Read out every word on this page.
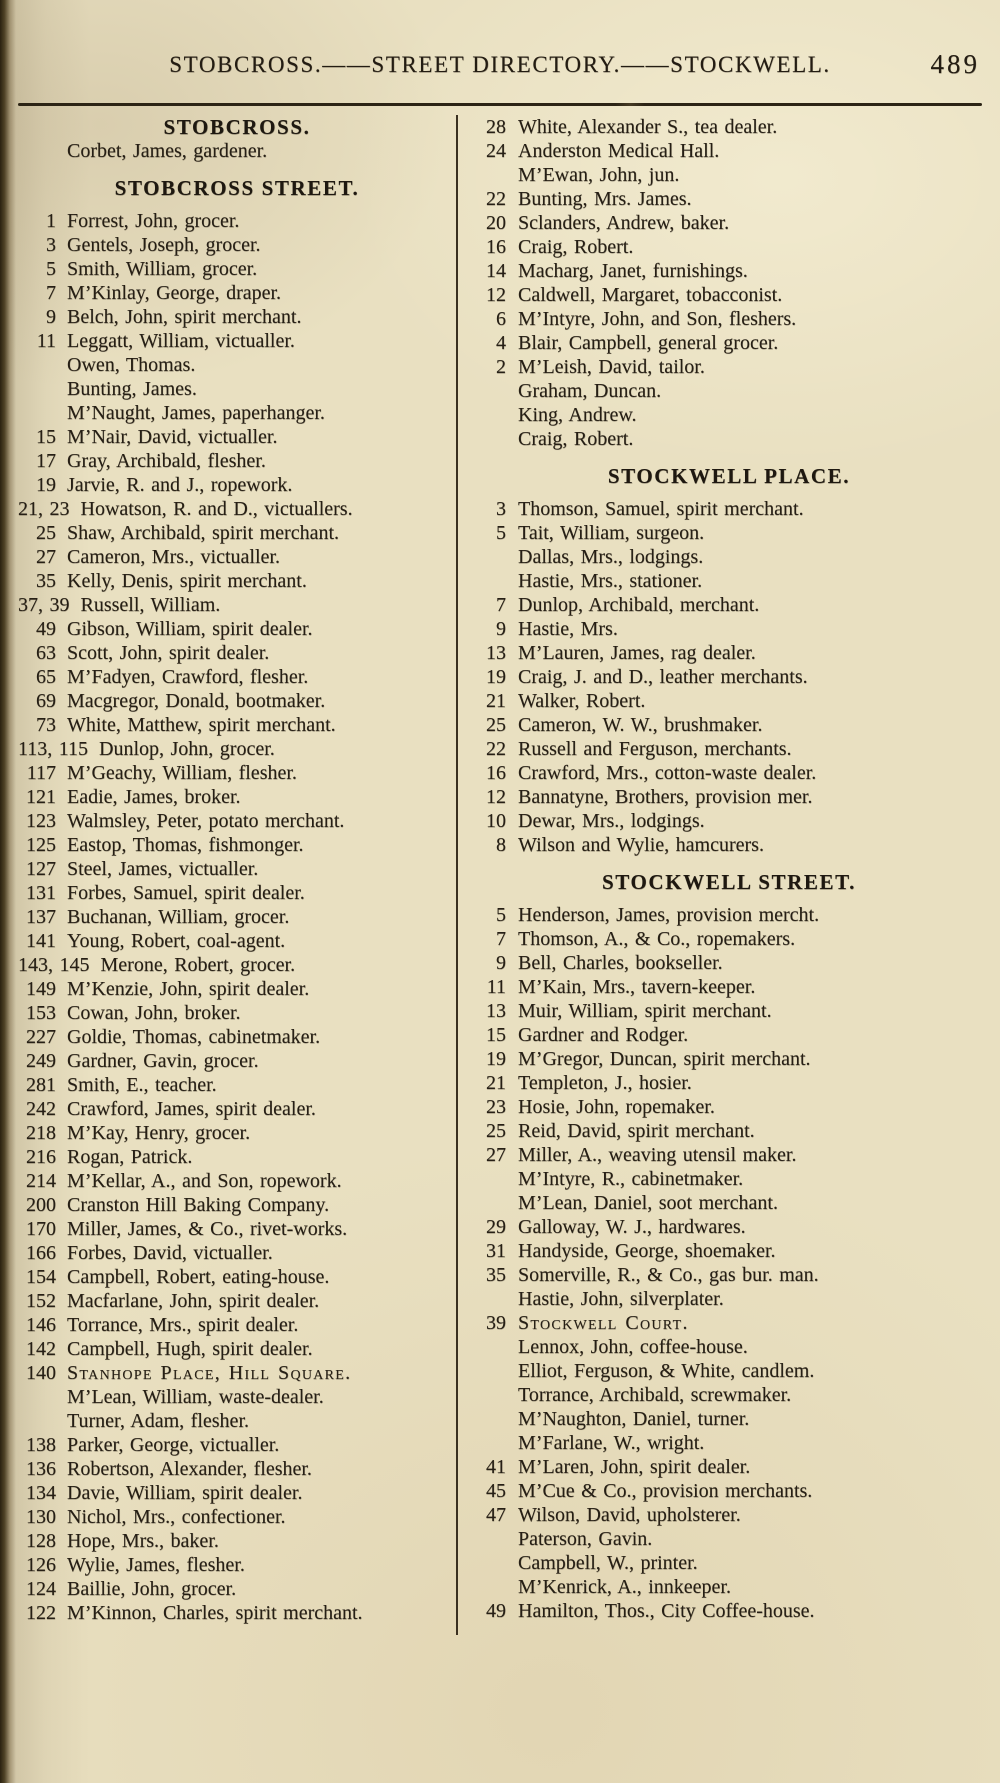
STOBCROSS.——STREET DIRECTORY.——STOCKWELL.	489
STOBCROSS.
Corbet, James, gardener.
STOBCROSS STREET.
1 Forrest, John, grocer.
3 Gentels, Joseph, grocer.
5 Smith, William, grocer.
7 M’Kinlay, George, draper.
9 Belch, John, spirit merchant.
11 Leggatt, William, victualler.
Owen, Thomas.
Bunting, James.
M’Naught, James, paperhanger.
15 M’Nair, David, victualler.
17 Gray, Archibald, flesher.
19 Jarvie, R. and J., ropework.
21, 23 Howatson, R. and D., victuallers.
25 Shaw, Archibald, spirit merchant.
27 Cameron, Mrs., victualler.
35 Kelly, Denis, spirit merchant.
37, 39 Russell, William.
49 Gibson, William, spirit dealer.
63 Scott, John, spirit dealer.
65 M’Fadyen, Crawford, flesher.
69 Macgregor, Donald, bootmaker.
73 White, Matthew, spirit merchant.
113, 115 Dunlop, John, grocer.
117 M’Geachy, William, flesher.
121 Eadie, James, broker.
123 Walmsley, Peter, potato merchant.
125 Eastop, Thomas, fishmonger.
127 Steel, James, victualler.
131 Forbes, Samuel, spirit dealer.
137 Buchanan, William, grocer.
141 Young, Robert, coal-agent.
143, 145 Merone, Robert, grocer.
149 M’Kenzie, John, spirit dealer.
153 Cowan, John, broker.
227 Goldie, Thomas, cabinetmaker.
249 Gardner, Gavin, grocer.
281 Smith, E., teacher.
242 Crawford, James, spirit dealer.
218 M’Kay, Henry, grocer.
216 Rogan, Patrick.
214 M’Kellar, A., and Son, ropework.
200 Cranston Hill Baking Company.
170 Miller, James, & Co., rivet-works.
166 Forbes, David, victualler.
154 Campbell, Robert, eating-house.
152 Macfarlane, John, spirit dealer.
146 Torrance, Mrs., spirit dealer.
142 Campbell, Hugh, spirit dealer.
140 Stanhope Place, Hill Square.
M’Lean, William, waste-dealer.
Turner, Adam, flesher.
138 Parker, George, victualler.
136 Robertson, Alexander, flesher.
134 Davie, William, spirit dealer.
130 Nichol, Mrs., confectioner.
128 Hope, Mrs., baker.
126 Wylie, James, flesher.
124 Baillie, John, grocer.
122 M’Kinnon, Charles, spirit merchant.
28 White, Alexander S., tea dealer.
24 Anderston Medical Hall.
M’Ewan, John, jun.
22 Bunting, Mrs. James.
20 Sclanders, Andrew, baker.
16 Craig, Robert.
14 Macharg, Janet, furnishings.
12 Caldwell, Margaret, tobacconist.
6 M’Intyre, John, and Son, fleshers.
4 Blair, Campbell, general grocer.
2 M’Leish, David, tailor.
Graham, Duncan.
King, Andrew.
Craig, Robert.
STOCKWELL PLACE.
3 Thomson, Samuel, spirit merchant.
5 Tait, William, surgeon.
Dallas, Mrs., lodgings.
Hastie, Mrs., stationer.
7 Dunlop, Archibald, merchant.
9 Hastie, Mrs.
13 M’Lauren, James, rag dealer.
19 Craig, J. and D., leather merchants.
21 Walker, Robert.
25 Cameron, W. W., brushmaker.
22 Russell and Ferguson, merchants.
16 Crawford, Mrs., cotton-waste dealer.
12 Bannatyne, Brothers, provision mer.
10 Dewar, Mrs., lodgings.
8 Wilson and Wylie, hamcurers.
STOCKWELL STREET.
5 Henderson, James, provision mercht.
7 Thomson, A., & Co., ropemakers.
9 Bell, Charles, bookseller.
11 M’Kain, Mrs., tavern-keeper.
13 Muir, William, spirit merchant.
15 Gardner and Rodger.
19 M’Gregor, Duncan, spirit merchant.
21 Templeton, J., hosier.
23 Hosie, John, ropemaker.
25 Reid, David, spirit merchant.
27 Miller, A., weaving utensil maker.
M’Intyre, R., cabinetmaker.
M’Lean, Daniel, soot merchant.
29 Galloway, W. J., hardwares.
31 Handyside, George, shoemaker.
35 Somerville, R., & Co., gas bur. man.
Hastie, John, silverplater.
39 Stockwell Court.
Lennox, John, coffee-house.
Elliot, Ferguson, & White, candlem.
Torrance, Archibald, screwmaker.
M’Naughton, Daniel, turner.
M’Farlane, W., wright.
41 M’Laren, John, spirit dealer.
45 M’Cue & Co., provision merchants.
47 Wilson, David, upholsterer.
Paterson, Gavin.
Campbell, W., printer.
M’Kenrick, A., innkeeper.
49 Hamilton, Thos., City Coffee-house.
